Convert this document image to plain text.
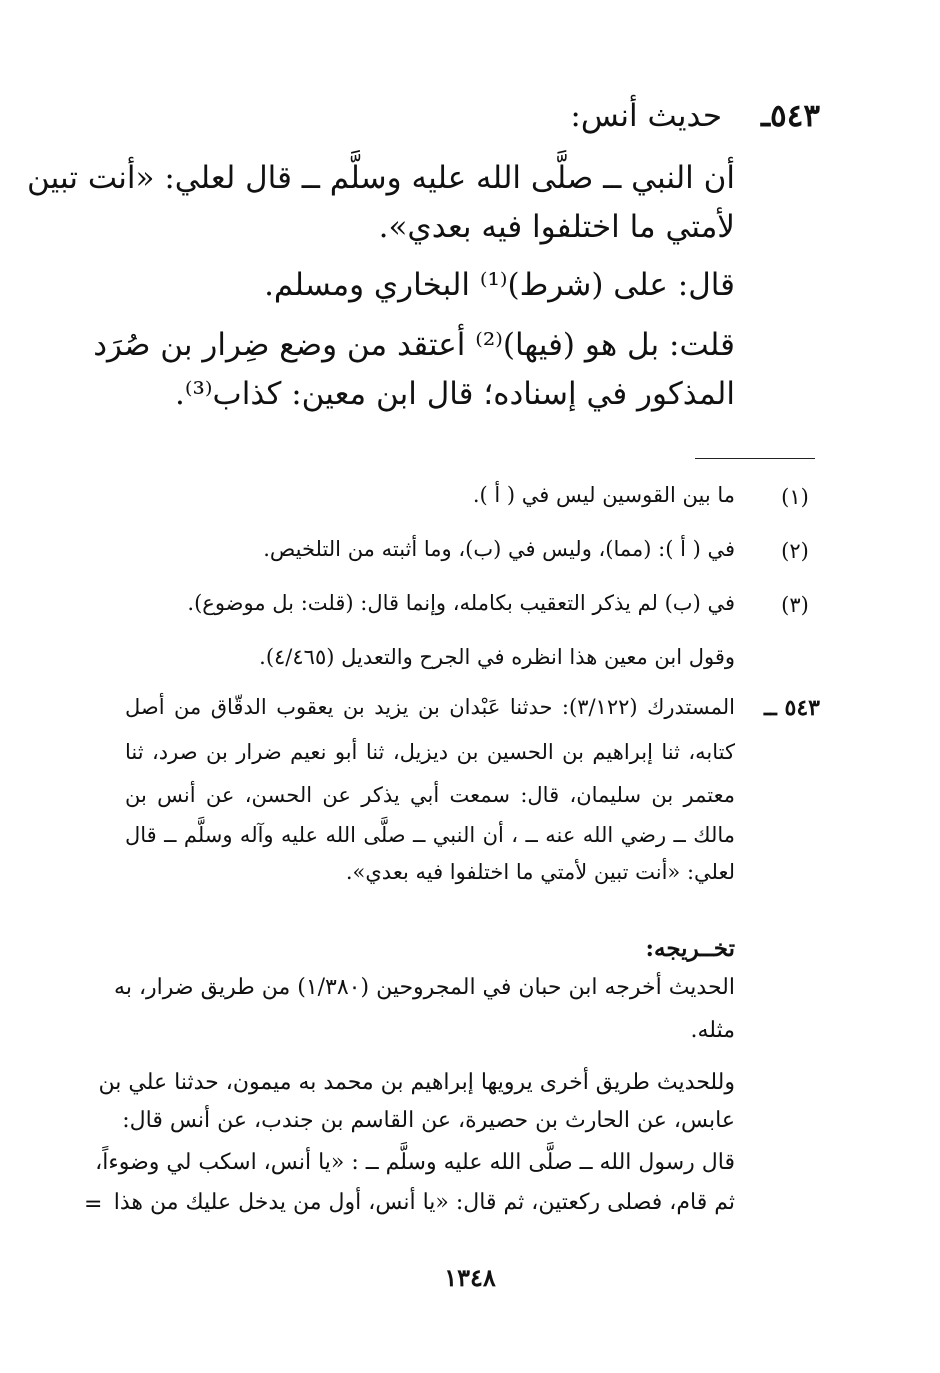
٥٤٣ـ
حديث أنس:
أن النبي ــ صلَّى الله عليه وسلَّم ــ قال لعلي: «أنت تبين
لأمتي ما اختلفوا فيه بعدي».
قال: على (شرط)⁽¹⁾ البخاري ومسلم.
قلت: بل هو (فيها)⁽²⁾ أعتقد من وضع ضِرار بن صُرَد
المذكور في إسناده؛ قال ابن معين: كذاب⁽³⁾.
(١)
ما بين القوسين ليس في ( أ ).
(٢)
في ( أ ): (مما)، وليس في (ب)، وما أثبته من التلخيص.
(٣)
في (ب) لم يذكر التعقيب بكامله، وإنما قال: (قلت: بل موضوع).
وقول ابن معين هذا انظره في الجرح والتعديل (٤/٤٦٥).
٥٤٣ ــ
المستدرك (٣/١٢٢): حدثنا عَبْدان بن يزيد بن يعقوب الدقّاق من أصل
كتابه، ثنا إبراهيم بن الحسين بن ديزيل، ثنا أبو نعيم ضرار بن صرد، ثنا
معتمر بن سليمان، قال: سمعت أبي يذكر عن الحسن، عن أنس بن
مالك ــ رضي الله عنه ــ ، أن النبي ــ صلَّى الله عليه وآله وسلَّم ــ قال
لعلي: «أنت تبين لأمتي ما اختلفوا فيه بعدي».
تخــريجه:
الحديث أخرجه ابن حبان في المجروحين (١/٣٨٠) من طريق ضرار، به
مثله.
وللحديث طريق أخرى يرويها إبراهيم بن محمد به ميمون، حدثنا علي بن
عابس، عن الحارث بن حصيرة، عن القاسم بن جندب، عن أنس قال:
قال رسول الله ــ صلَّى الله عليه وسلَّم ــ : «يا أنس، اسكب لي وضوءاً،
ثم قام، فصلى ركعتين، ثم قال: «يا أنس، أول من يدخل عليك من هذا
=
١٣٤٨
